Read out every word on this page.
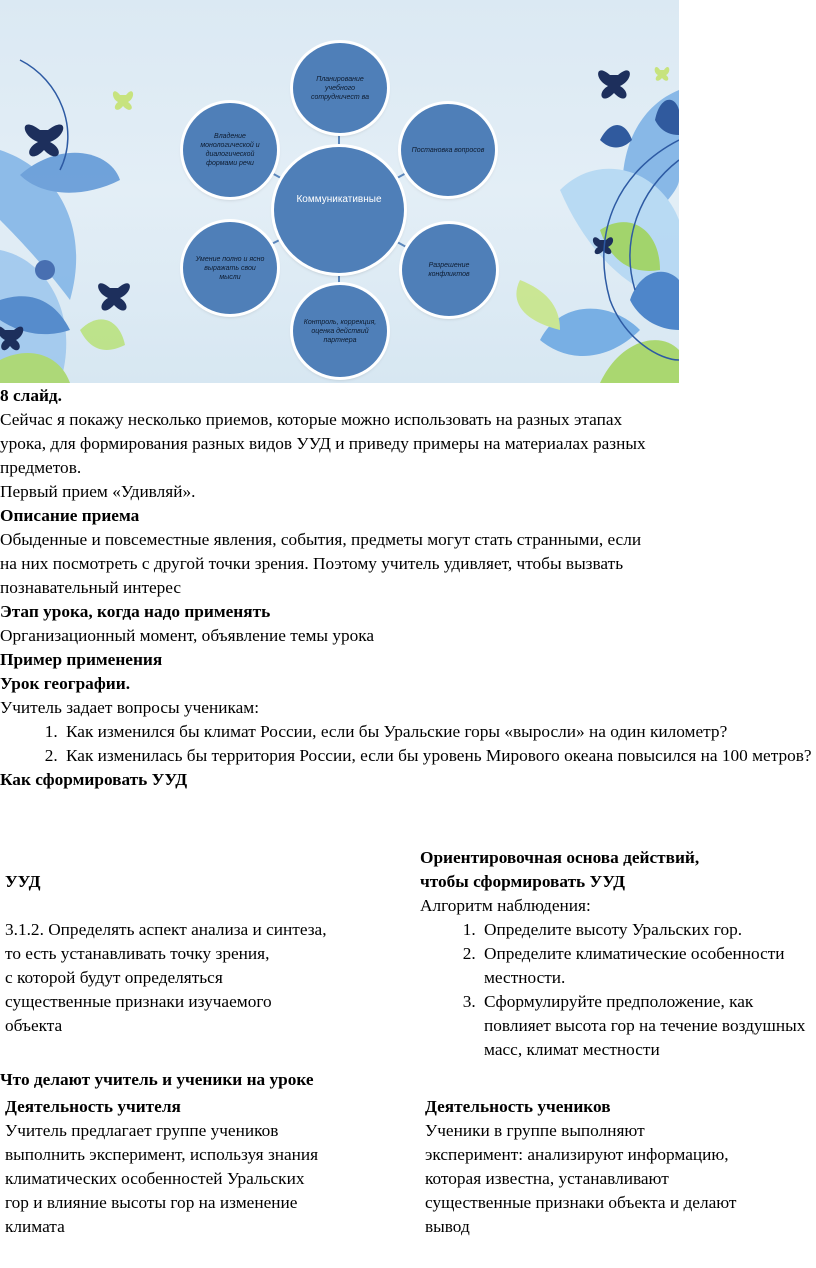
Планирование учебного сотрудничест ва
Постановка вопросов
Разрешение конфликтов
Контроль, коррекция, оценка действий партнера
Умение полно и ясно выражать свои мысли
Владение монологической и диалогической формами речи
Коммуникативные
8 слайд.
Сейчас я покажу несколько приемов, которые можно использовать на разных этапах
урока, для формирования разных видов УУД и приведу примеры на материалах разных
предметов.
Первый прием «Удивляй».
Описание приема
Обыденные и повсеместные явления, события, предметы могут стать странными, если
на них посмотреть с другой точки зрения. Поэтому учитель удивляет, чтобы вызвать
познавательный интерес
Этап урока, когда надо применять
Организационный момент, объявление темы урока
Пример применения
Урок географии.
Учитель задает вопросы ученикам:
1. Как изменился бы климат России, если бы Уральские горы «выросли» на один километр?
2. Как изменилась бы территория России, если бы уровень Мирового океана повысился на 100 метров?
Как сформировать УУД
УУД
3.1.2. Определять аспект анализа и синтеза,
то есть устанавливать точку зрения,
с которой будут определяться
существенные признаки изучаемого
объекта
Ориентировочная основа действий,
чтобы сформировать УУД
Алгоритм наблюдения:
1. Определите высоту Уральских гор.
2. Определите климатические особенности местности.
3. Сформулируйте предположение, как повлияет высота гор на течение воздушных масс, климат местности
Что делают учитель и ученики на уроке
Деятельность учителя
Учитель предлагает группе учеников
выполнить эксперимент, используя знания
климатических особенностей Уральских
гор и влияние высоты гор на изменение
климата
Деятельность учеников
Ученики в группе выполняют
эксперимент: анализируют информацию,
которая известна, устанавливают
существенные признаки объекта и делают
вывод
